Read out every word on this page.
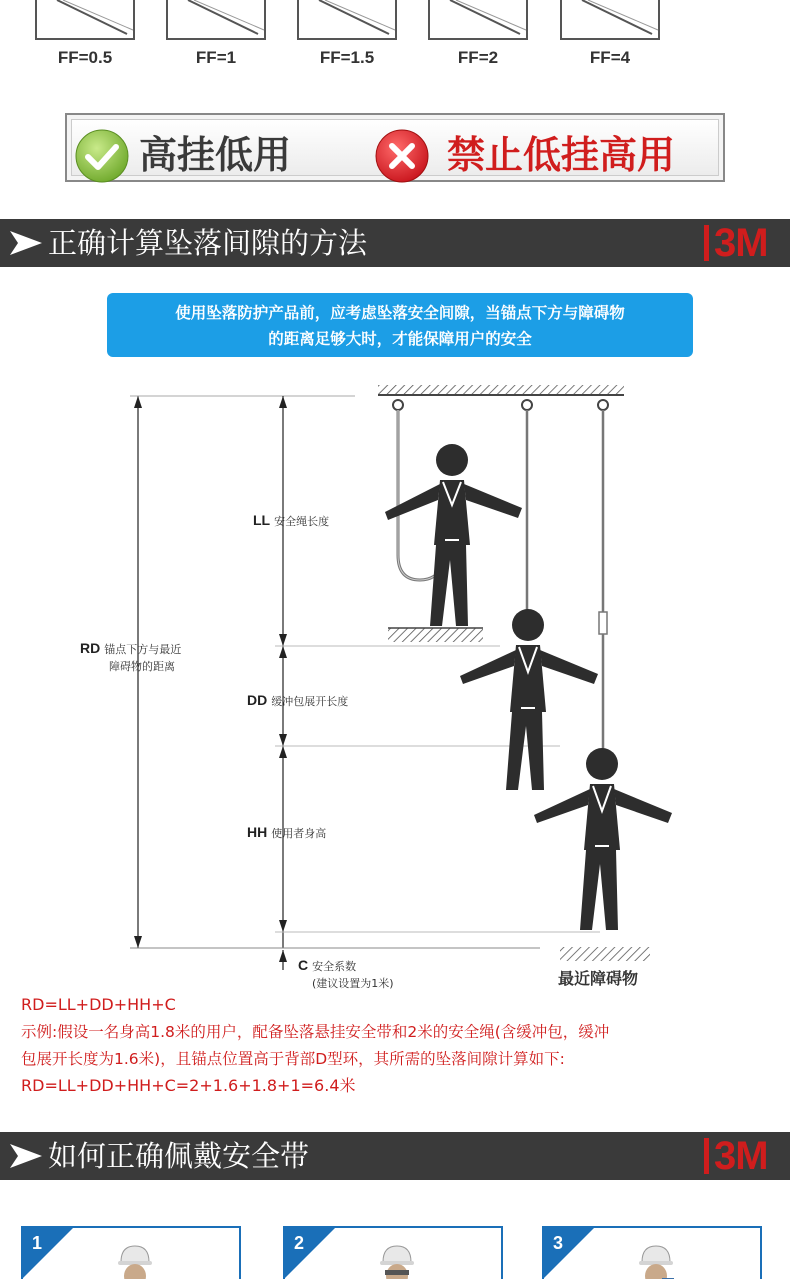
FF=0.5	FF=1	FF=1.5	FF=2	FF=4
高挂低用	禁止低挂高用
正确计算坠落间隙的方法	3M
使用坠落防护产品前，应考虑坠落安全间隙，当锚点下方与障碍物
的距离足够大时，才能保障用户的安全
LL 安全绳长度
RD 锚点下方与最近
障碍物的距离
DD 缓冲包展开长度
HH 使用者身高
C 安全系数
(建议设置为1米)	最近障碍物
RD=LL+DD+HH+C
示例:假设一名身高1.8米的用户，配备坠落悬挂安全带和2米的安全绳(含缓冲包，缓冲
包展开长度为1.6米)，且锚点位置高于背部D型环，其所需的坠落间隙计算如下:
RD=LL+DD+HH+C=2+1.6+1.8+1=6.4米
如何正确佩戴安全带	3M
1	2	3
